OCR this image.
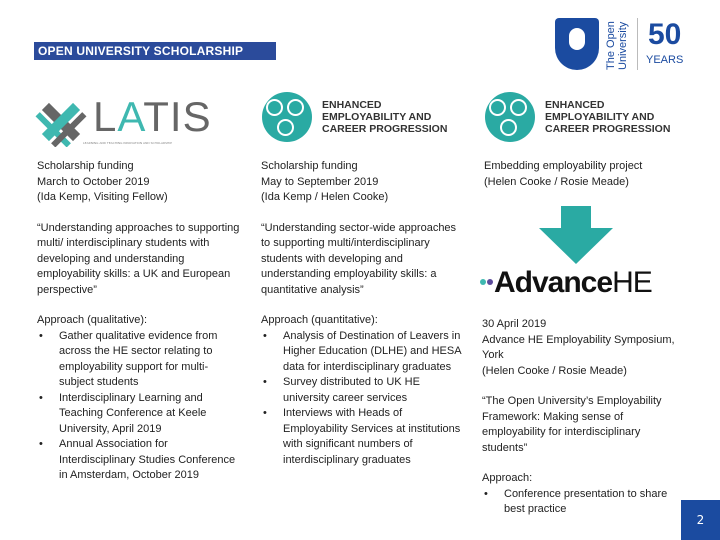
OPEN UNIVERSITY SCHOLARSHIP	The Open University 50
YEARS
LATIS
LEARNING AND TEACHING INNOVATION AND SCHOLARSHIP
ENHANCED
EMPLOYABILITY AND
CAREER PROGRESSION
ENHANCED
EMPLOYABILITY AND
CAREER PROGRESSION

Scholarship funding
March to October 2019
(Ida Kemp, Visiting Fellow)

“Understanding approaches to supporting multi/ interdisciplinary students with developing and understanding employability skills: a UK and European perspective”

Approach (qualitative):
• Gather qualitative evidence from across the HE sector relating to employability support for multi-subject students
• Interdisciplinary Learning and Teaching Conference at Keele University, April 2019
• Annual Association for Interdisciplinary Studies Conference in Amsterdam, October 2019

Scholarship funding
May to September 2019
(Ida Kemp / Helen Cooke)

“Understanding sector-wide approaches to supporting multi/interdisciplinary students with developing and understanding employability skills: a quantitative analysis”

Approach (quantitative):
• Analysis of Destination of Leavers in Higher Education (DLHE) and HESA data for interdisciplinary graduates
• Survey distributed to UK HE university career services
• Interviews with Heads of Employability Services at institutions with significant numbers of interdisciplinary graduates

Embedding employability project
(Helen Cooke / Rosie Meade)

AdvanceHE

30 April 2019
Advance HE Employability Symposium, York
(Helen Cooke / Rosie Meade)

“The Open University’s Employability Framework: Making sense of employability for interdisciplinary students”

Approach:
• Conference presentation to share best practice
2
